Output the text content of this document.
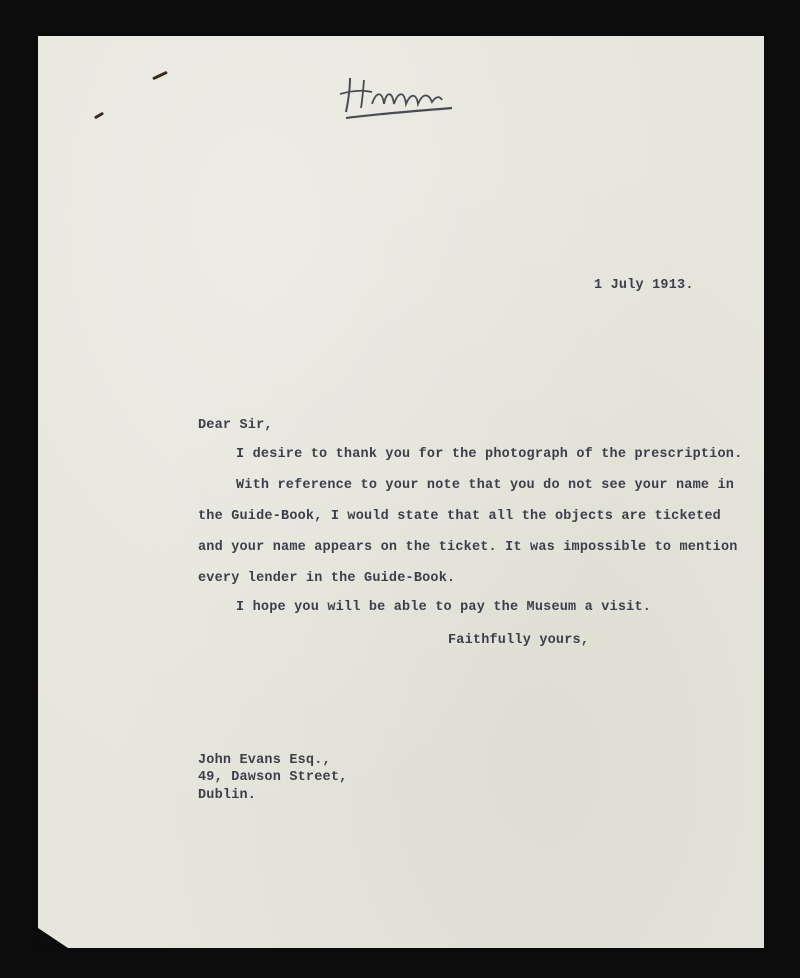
1 July 1913.
Dear Sir,
I desire to thank you for the photograph of the prescription.
With reference to your note that you do not see your name in
the Guide-Book, I would state that all the objects are ticketed
and your name appears on the ticket. It was impossible to mention
every lender in the Guide-Book.
I hope you will be able to pay the Museum a visit.
Faithfully yours,
John Evans Esq.,
49, Dawson Street,
Dublin.
